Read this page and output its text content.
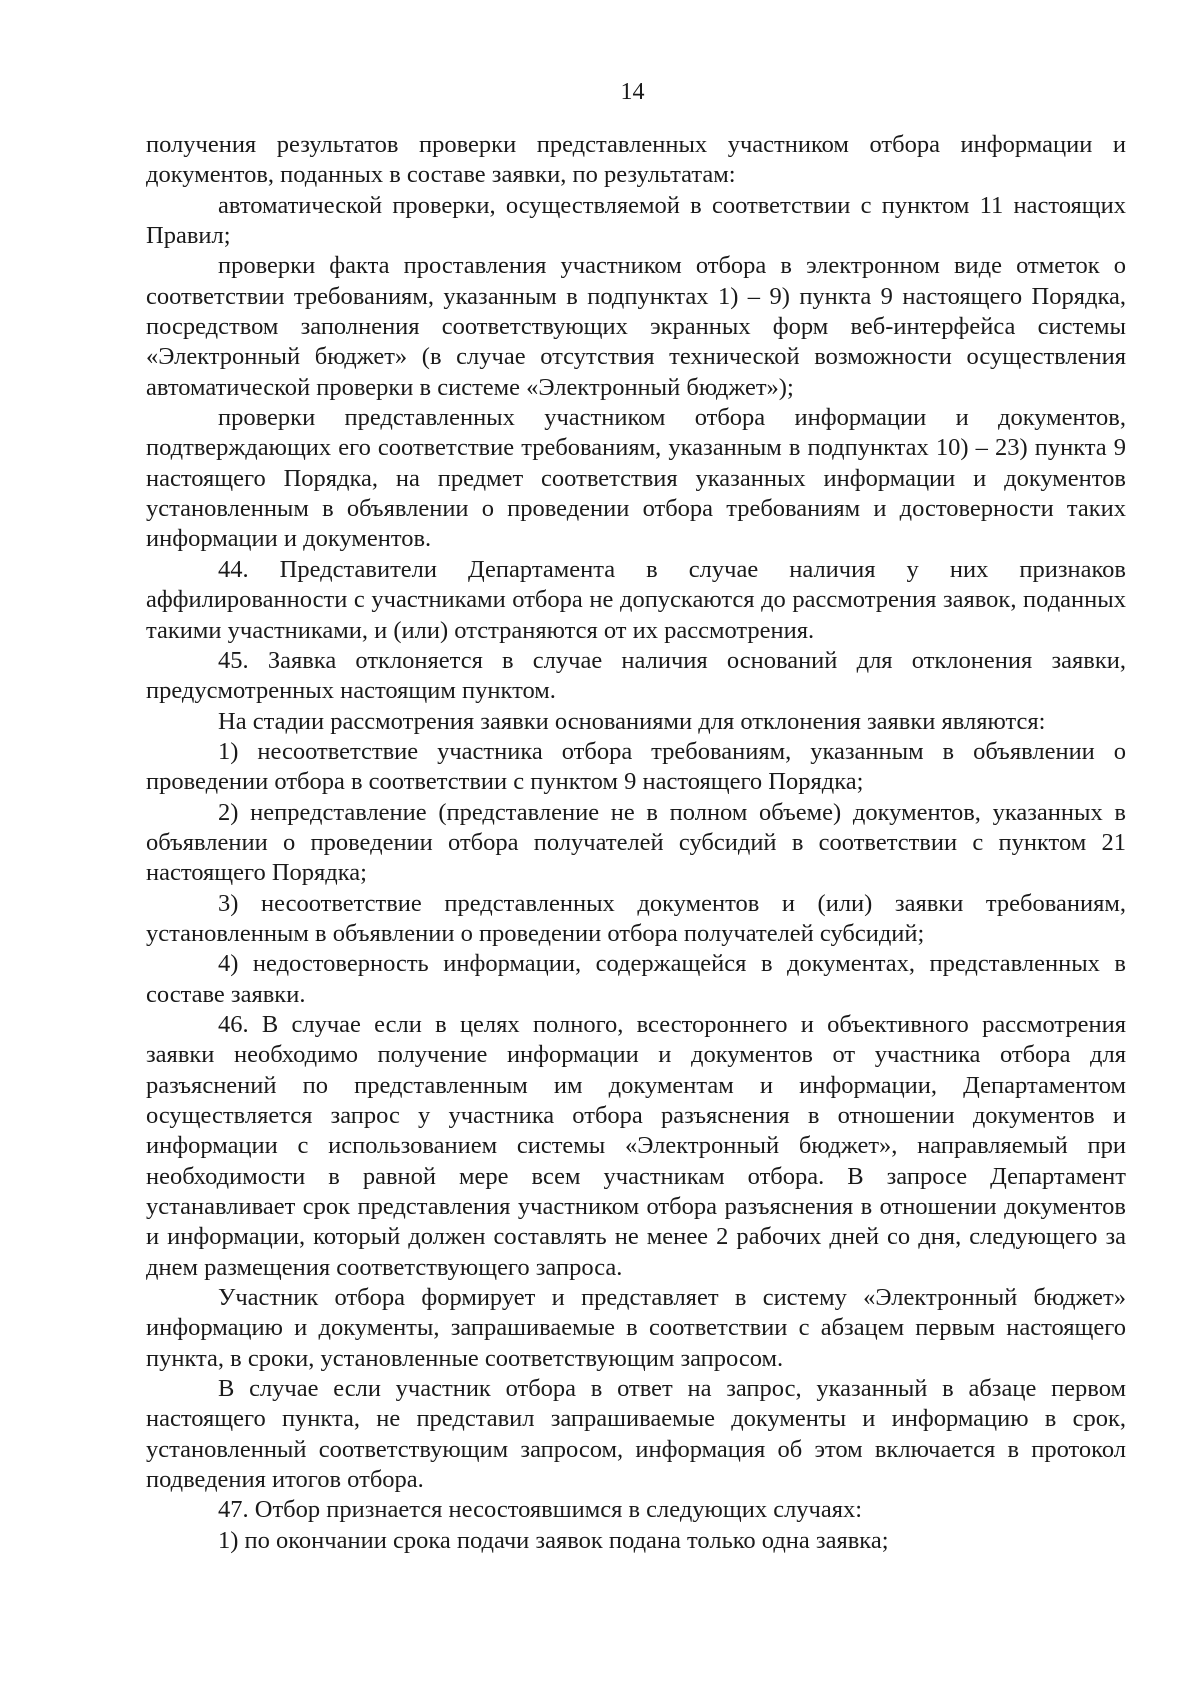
14

получения результатов проверки представленных участником отбора информации и документов, поданных в составе заявки, по результатам:

автоматической проверки, осуществляемой в соответствии с пунктом 11 настоящих Правил;

проверки факта проставления участником отбора в электронном виде отметок о соответствии требованиям, указанным в подпунктах 1) – 9) пункта 9 настоящего Порядка, посредством заполнения соответствующих экранных форм веб-интерфейса системы «Электронный бюджет» (в случае отсутствия технической возможности осуществления автоматической проверки в системе «Электронный бюджет»);

проверки представленных участником отбора информации и документов, подтверждающих его соответствие требованиям, указанным в подпунктах 10) – 23) пункта 9 настоящего Порядка, на предмет соответствия указанных информации и документов установленным в объявлении о проведении отбора требованиям и достоверности таких информации и документов.

44. Представители Департамента в случае наличия у них признаков аффилированности с участниками отбора не допускаются до рассмотрения заявок, поданных такими участниками, и (или) отстраняются от их рассмотрения.

45. Заявка отклоняется в случае наличия оснований для отклонения заявки, предусмотренных настоящим пунктом.

На стадии рассмотрения заявки основаниями для отклонения заявки являются:

1) несоответствие участника отбора требованиям, указанным в объявлении о проведении отбора в соответствии с пунктом 9 настоящего Порядка;

2) непредставление (представление не в полном объеме) документов, указанных в объявлении о проведении отбора получателей субсидий в соответствии с пунктом 21 настоящего Порядка;

3) несоответствие представленных документов и (или) заявки требованиям, установленным в объявлении о проведении отбора получателей субсидий;

4) недостоверность информации, содержащейся в документах, представленных в составе заявки.

46. В случае если в целях полного, всестороннего и объективного рассмотрения заявки необходимо получение информации и документов от участника отбора для разъяснений по представленным им документам и информации, Департаментом осуществляется запрос у участника отбора разъяснения в отношении документов и информации с использованием системы «Электронный бюджет», направляемый при необходимости в равной мере всем участникам отбора. В запросе Департамент устанавливает срок представления участником отбора разъяснения в отношении документов и информации, который должен составлять не менее 2 рабочих дней со дня, следующего за днем размещения соответствующего запроса.

Участник отбора формирует и представляет в систему «Электронный бюджет» информацию и документы, запрашиваемые в соответствии с абзацем первым настоящего пункта, в сроки, установленные соответствующим запросом.

В случае если участник отбора в ответ на запрос, указанный в абзаце первом настоящего пункта, не представил запрашиваемые документы и информацию в срок, установленный соответствующим запросом, информация об этом включается в протокол подведения итогов отбора.

47. Отбор признается несостоявшимся в следующих случаях:

1) по окончании срока подачи заявок подана только одна заявка;
